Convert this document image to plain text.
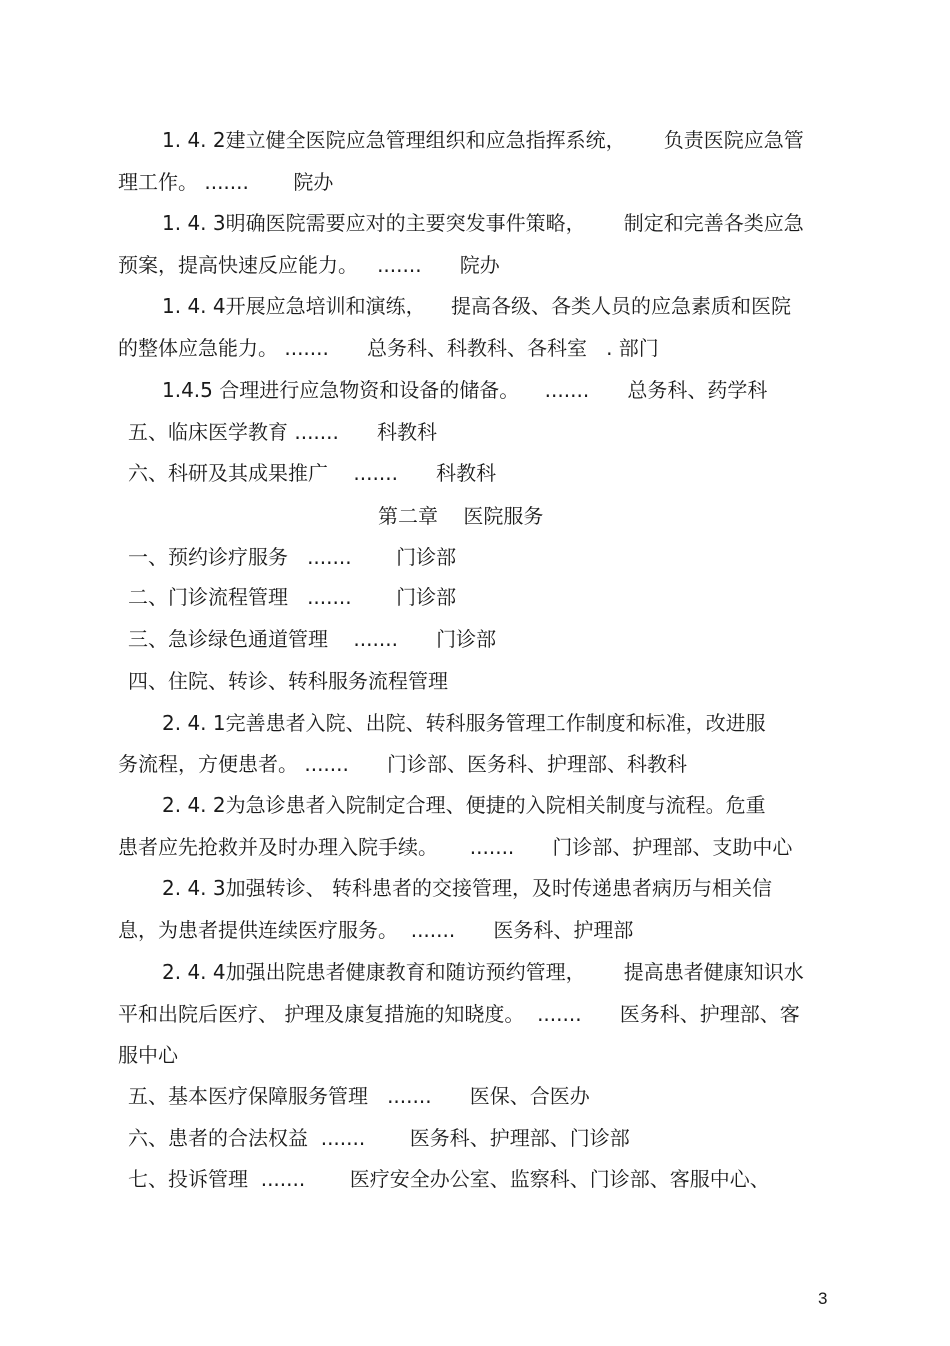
1. 4. 2建立健全医院应急管理组织和应急指挥系统，      负责医院应急管
理工作。 .......       院办
1. 4. 3明确医院需要应对的主要突发事件策略，      制定和完善各类应急
预案，提高快速反应能力。   .......      院办
1. 4. 4开展应急培训和演练，    提高各级、各类人员的应急素质和医院
的整体应急能力。 .......      总务科、科教科、各科室   . 部门
1.4.5 合理进行应急物资和设备的储备。    .......      总务科、药学科
五、临床医学教育 .......      科教科
六、科研及其成果推广    .......      科教科
第二章    医院服务
一、预约诊疗服务   .......       门诊部
二、门诊流程管理   .......       门诊部
三、急诊绿色通道管理    .......      门诊部
四、住院、转诊、转科服务流程管理
2. 4. 1完善患者入院、出院、转科服务管理工作制度和标准，改进服
务流程，方便患者。 .......      门诊部、医务科、护理部、科教科
2. 4. 2为急诊患者入院制定合理、便捷的入院相关制度与流程。危重
患者应先抢救并及时办理入院手续。     .......      门诊部、护理部、支助中心
2. 4. 3加强转诊、 转科患者的交接管理，及时传递患者病历与相关信
息，为患者提供连续医疗服务。  .......      医务科、护理部
2. 4. 4加强出院患者健康教育和随访预约管理，      提高患者健康知识水
平和出院后医疗、 护理及康复措施的知晓度。  .......      医务科、护理部、客
服中心
五、基本医疗保障服务管理   .......      医保、合医办
六、患者的合法权益  .......       医务科、护理部、门诊部
七、投诉管理  .......       医疗安全办公室、监察科、门诊部、客服中心、
3
